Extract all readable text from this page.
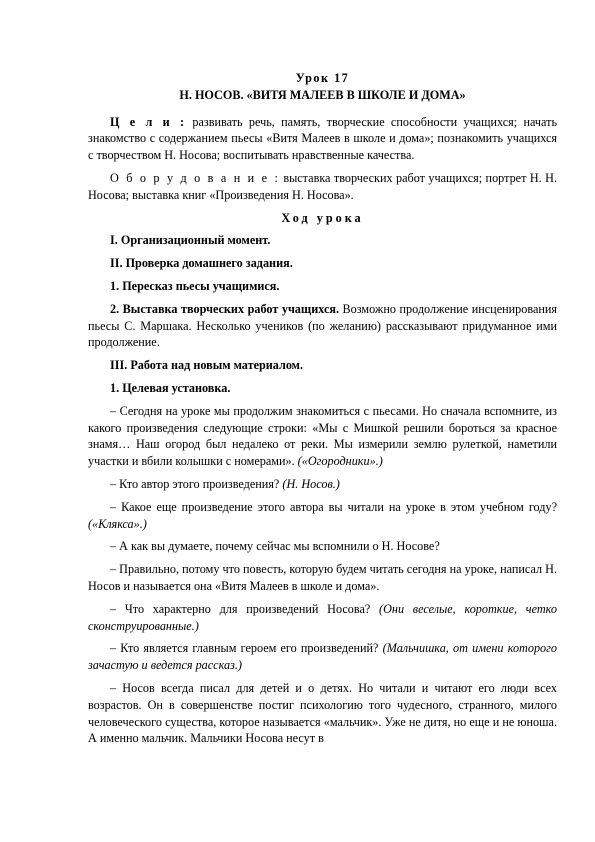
Урок 17
Н. НОСОВ. «ВИТЯ МАЛЕЕВ В ШКОЛЕ И ДОМА»

Ц е л и : развивать речь, память, творческие способности учащихся; начать знакомство с содержанием пьесы «Витя Малеев в школе и дома»; познакомить учащихся с творчеством Н. Носова; воспитывать нравственные качества.

О б о р у д о в а н и е : выставка творческих работ учащихся; портрет Н. Н. Носова; выставка книг «Произведения Н. Носова».

Ход урока
I. Организационный момент.
II. Проверка домашнего задания.
1. Пересказ пьесы учащимися.

2. Выставка творческих работ учащихся. Возможно продолжение инсценирования пьесы С. Маршака. Несколько учеников (по желанию) рассказывают придуманное ими продолжение.

III. Работа над новым материалом.
1. Целевая установка.

– Сегодня на уроке мы продолжим знакомиться с пьесами. Но сначала вспомните, из какого произведения следующие строки: «Мы с Мишкой решили бороться за красное знамя… Наш огород был недалеко от реки. Мы измерили землю рулеткой, наметили участки и вбили колышки с номерами». («Огородники».)

– Кто автор этого произведения? (Н. Носов.)

– Какое еще произведение этого автора вы читали на уроке в этом учебном году? («Клякса».)

– А как вы думаете, почему сейчас мы вспомнили о Н. Носове?

– Правильно, потому что повесть, которую будем читать сегодня на уроке, написал Н. Носов и называется она «Витя Малеев в школе и дома».

– Что характерно для произведений Носова? (Они веселые, короткие, четко сконструированные.)

– Кто является главным героем его произведений? (Мальчишка, от имени которого зачастую и ведется рассказ.)

– Носов всегда писал для детей и о детях. Но читали и читают его люди всех возрастов. Он в совершенстве постиг психологию того чудесного, странного, милого человеческого существа, которое называется «мальчик». Уже не дитя, но еще и не юноша. А именно мальчик. Мальчики Носова несут в
